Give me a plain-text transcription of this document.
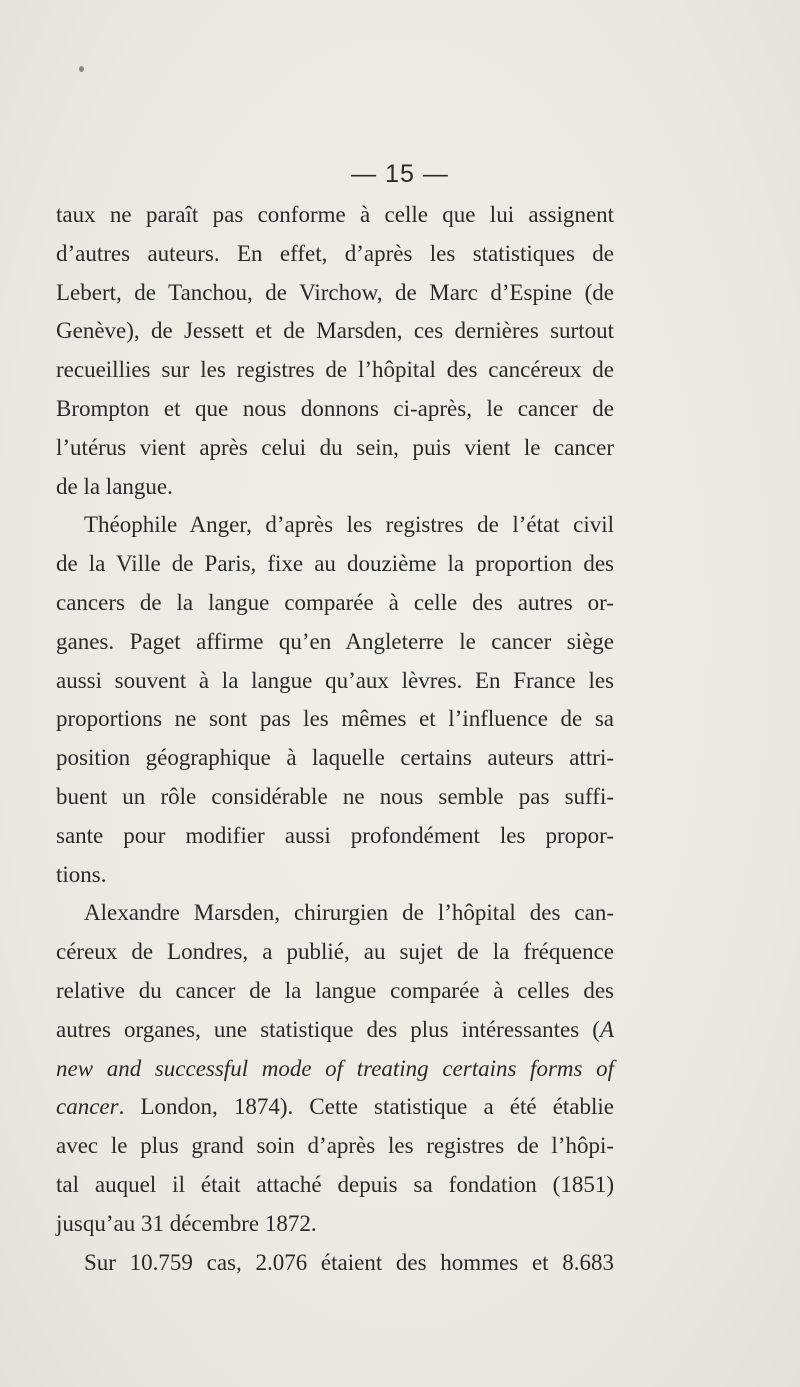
— 15 —

taux ne paraît pas conforme à celle que lui assignent
d’autres auteurs. En effet, d’après les statistiques de
Lebert, de Tanchou, de Virchow, de Marc d’Espine (de
Genève), de Jessett et de Marsden, ces dernières surtout
recueillies sur les registres de l’hôpital des cancéreux de
Brompton et que nous donnons ci-après, le cancer de
l’utérus vient après celui du sein, puis vient le cancer
de la langue.
Théophile Anger, d’après les registres de l’état civil
de la Ville de Paris, fixe au douzième la proportion des
cancers de la langue comparée à celle des autres or-
ganes. Paget affirme qu’en Angleterre le cancer siège
aussi souvent à la langue qu’aux lèvres. En France les
proportions ne sont pas les mêmes et l’influence de sa
position géographique à laquelle certains auteurs attri-
buent un rôle considérable ne nous semble pas suffi-
sante pour modifier aussi profondément les propor-
tions.
Alexandre Marsden, chirurgien de l’hôpital des can-
céreux de Londres, a publié, au sujet de la fréquence
relative du cancer de la langue comparée à celles des
autres organes, une statistique des plus intéressantes (A
new and successful mode of treating certains forms of
cancer. London, 1874). Cette statistique a été établie
avec le plus grand soin d’après les registres de l’hôpi-
tal auquel il était attaché depuis sa fondation (1851)
jusqu’au 31 décembre 1872.
Sur 10.759 cas, 2.076 étaient des hommes et 8.683
